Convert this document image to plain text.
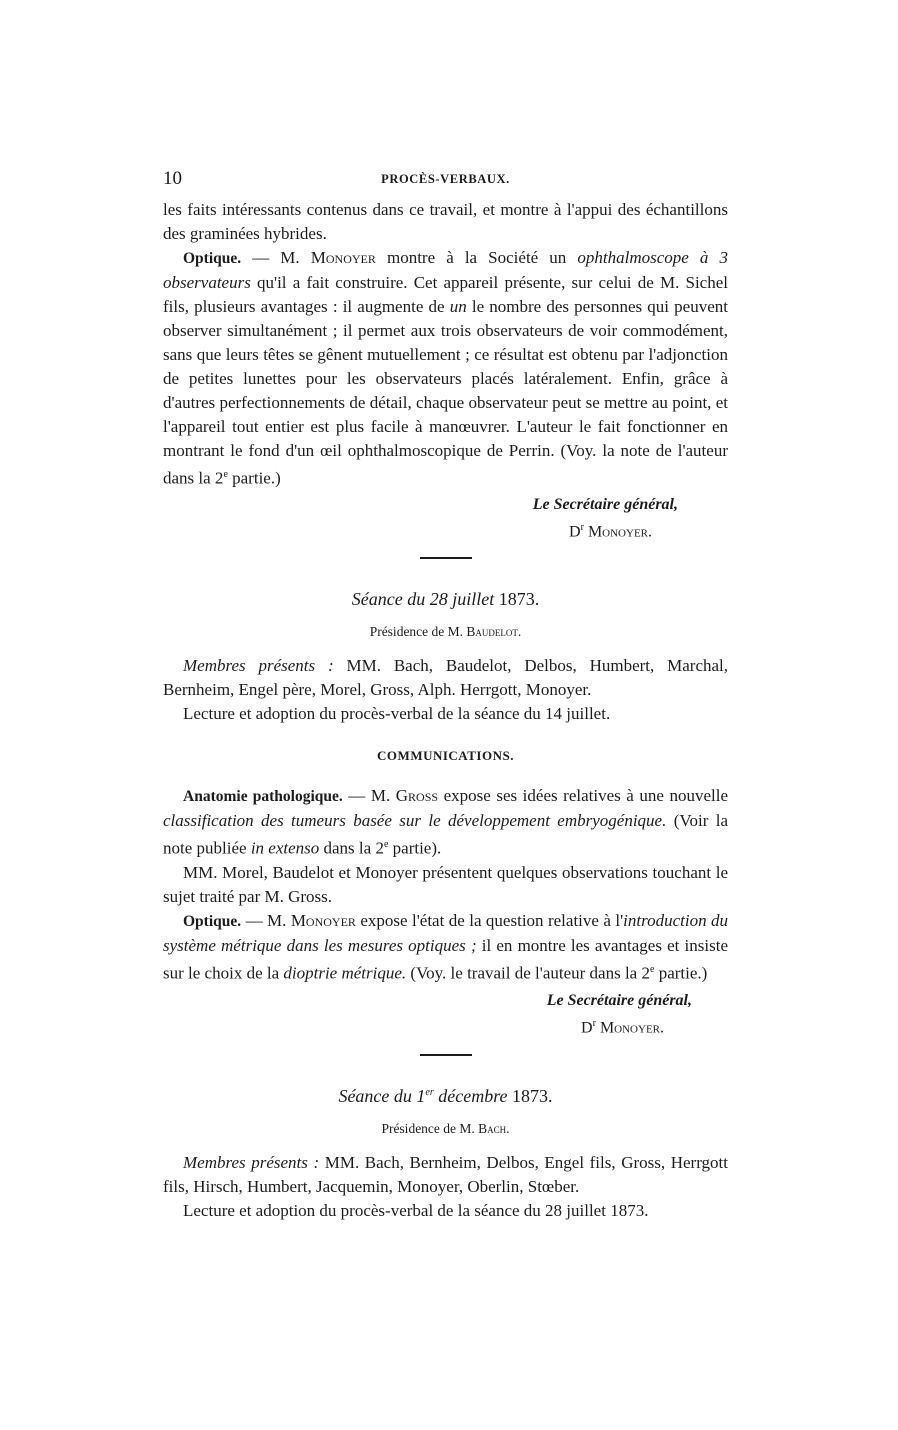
10	PROCÈS-VERBAUX.

les faits intéressants contenus dans ce travail, et montre à l'appui des échantillons des graminées hybrides.

Optique. — M. Monoyer montre à la Société un ophthalmoscope à 3 observateurs qu'il a fait construire. Cet appareil présente, sur celui de M. Sichel fils, plusieurs avantages : il augmente de un le nombre des personnes qui peuvent observer simultanément ; il permet aux trois observateurs de voir commodément, sans que leurs têtes se gênent mutuellement ; ce résultat est obtenu par l'adjonction de petites lunettes pour les observateurs placés latéralement. Enfin, grâce à d'autres perfectionnements de détail, chaque observateur peut se mettre au point, et l'appareil tout entier est plus facile à manœuvrer. L'auteur le fait fonctionner en montrant le fond d'un œil ophthalmoscopique de Perrin. (Voy. la note de l'auteur dans la 2e partie.)

Le Secrétaire général,
$D^r$ Monoyer.
Séance du 28 juillet 1873.
Présidence de M. Baudelot.

Membres présents : MM. Bach, Baudelot, Delbos, Humbert, Marchal, Bernheim, Engel père, Morel, Gross, Alph. Herrgott, Monoyer.

Lecture et adoption du procès-verbal de la séance du 14 juillet.

COMMUNICATIONS.

Anatomie pathologique. — M. Gross expose ses idées relatives à une nouvelle classification des tumeurs basée sur le développement embryogénique. (Voir la note publiée in extenso dans la 2e partie).

MM. Morel, Baudelot et Monoyer présentent quelques observations touchant le sujet traité par M. Gross.

Optique. — M. Monoyer expose l'état de la question relative à l'introduction du système métrique dans les mesures optiques ; il en montre les avantages et insiste sur le choix de la dioptrie métrique. (Voy. le travail de l'auteur dans la 2e partie.)

Le Secrétaire général,
$D^r$ Monoyer.
Séance du 1er décembre 1873.
Présidence de M. Bach.

Membres présents : MM. Bach, Bernheim, Delbos, Engel fils, Gross, Herrgott fils, Hirsch, Humbert, Jacquemin, Monoyer, Oberlin, Stœber.

Lecture et adoption du procès-verbal de la séance du 28 juillet 1873.
